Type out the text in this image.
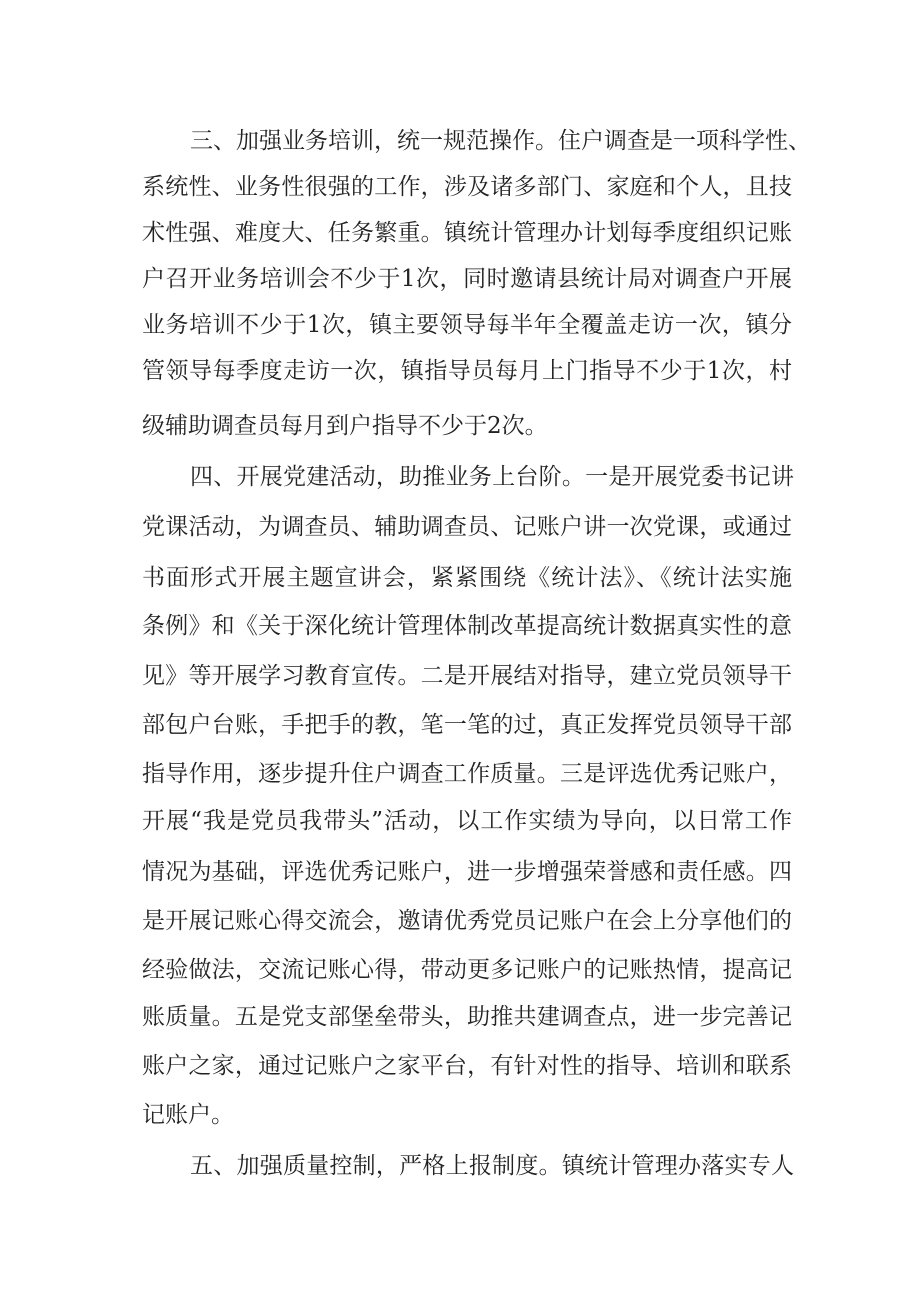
三、加强业务培训，统一规范操作。住户调查是一项科学性、

系统性、业务性很强的工作，涉及诸多部门、家庭和个人，且技

术性强、难度大、任务繁重。镇统计管理办计划每季度组织记账

户召开业务培训会不少于1次，同时邀请县统计局对调查户开展

业务培训不少于1次，镇主要领导每半年全覆盖走访一次，镇分

管领导每季度走访一次，镇指导员每月上门指导不少于1次，村

级辅助调查员每月到户指导不少于2次。

四、开展党建活动，助推业务上台阶。一是开展党委书记讲

党课活动，为调查员、辅助调查员、记账户讲一次党课，或通过

书面形式开展主题宣讲会，紧紧围绕《统计法》、《统计法实施

条例》和《关于深化统计管理体制改革提高统计数据真实性的意

见》等开展学习教育宣传。二是开展结对指导，建立党员领导干

部包户台账，手把手的教，笔一笔的过，真正发挥党员领导干部

指导作用，逐步提升住户调查工作质量。三是评选优秀记账户，

开展“我是党员我带头”活动，以工作实绩为导向，以日常工作

情况为基础，评选优秀记账户，进一步增强荣誉感和责任感。四

是开展记账心得交流会，邀请优秀党员记账户在会上分享他们的

经验做法，交流记账心得，带动更多记账户的记账热情，提高记

账质量。五是党支部堡垒带头，助推共建调查点，进一步完善记

账户之家，通过记账户之家平台，有针对性的指导、培训和联系

记账户。

五、加强质量控制，严格上报制度。镇统计管理办落实专人
